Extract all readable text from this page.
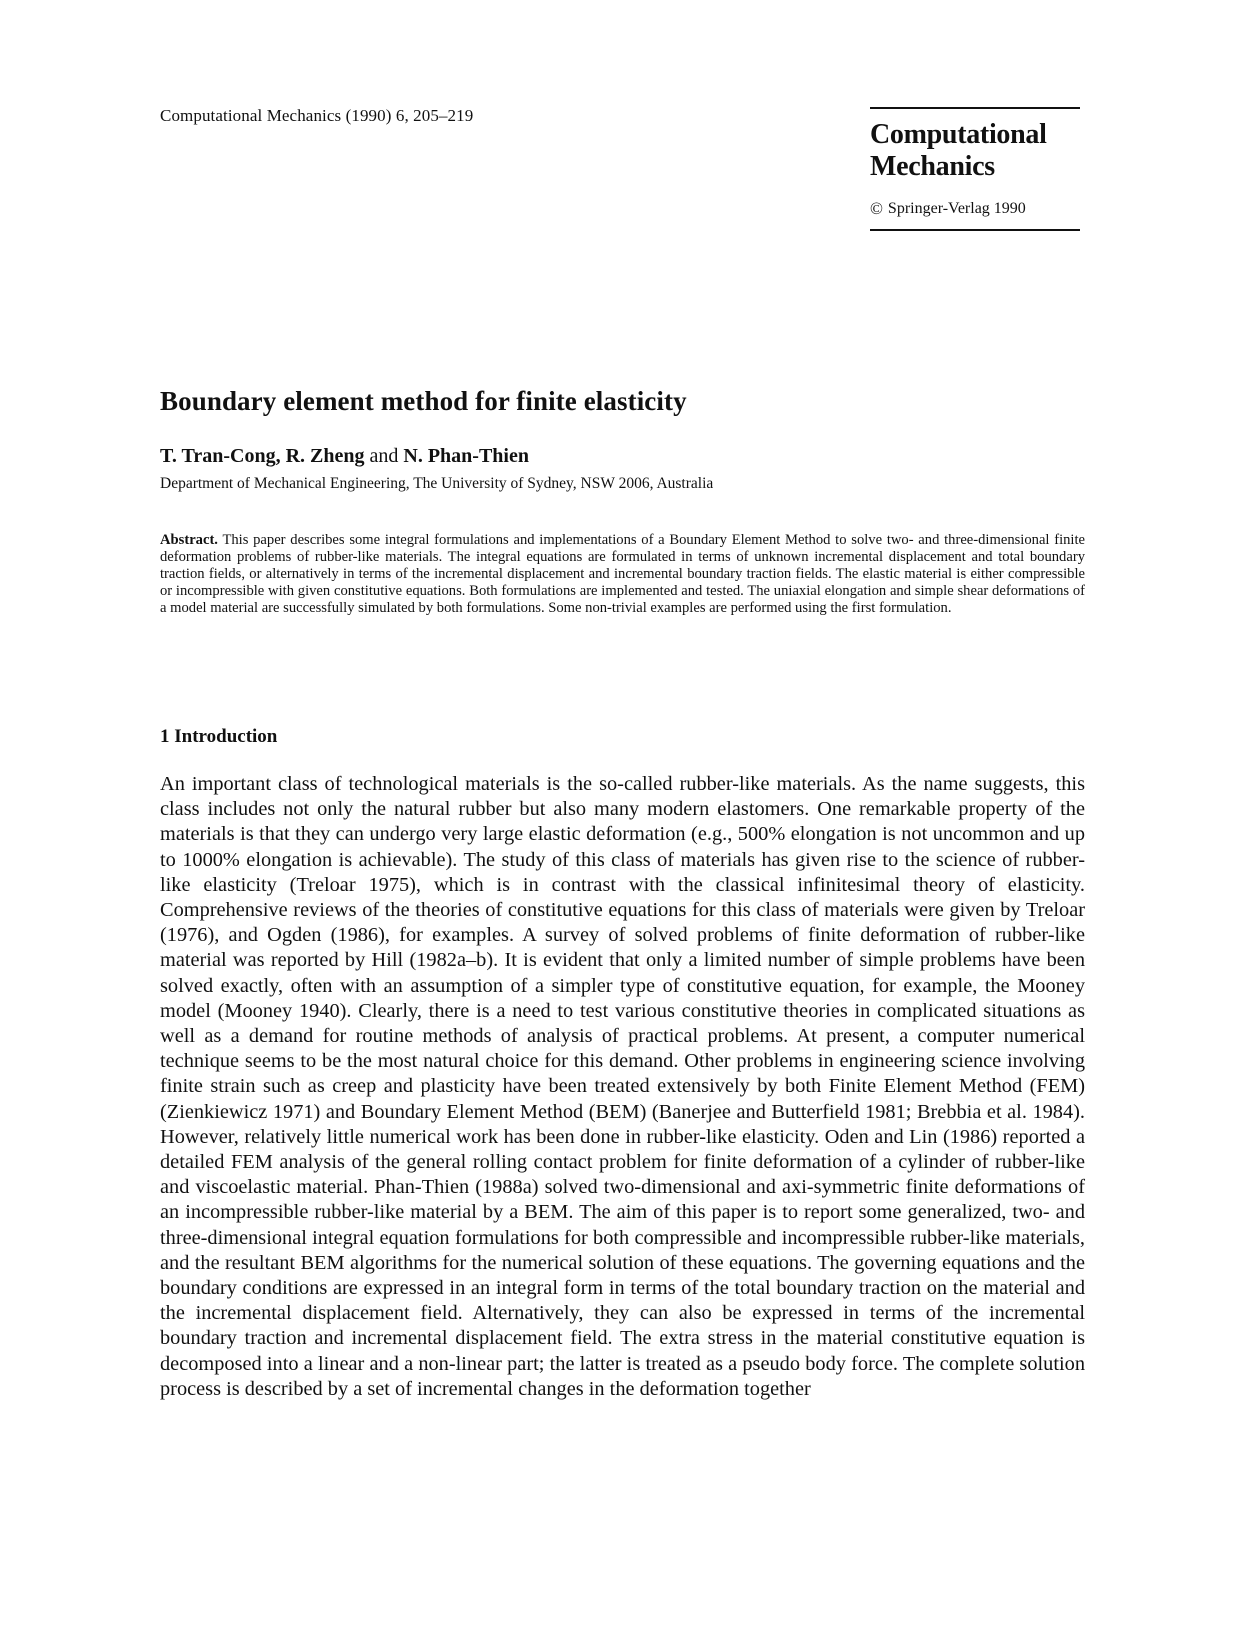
Computational Mechanics (1990) 6, 205–219
Computational
Mechanics
© Springer-Verlag 1990
Boundary element method for finite elasticity

T. Tran-Cong, R. Zheng and N. Phan-Thien

Department of Mechanical Engineering, The University of Sydney, NSW 2006, Australia

Abstract. This paper describes some integral formulations and implementations of a Boundary Element Method to solve two- and three-dimensional finite deformation problems of rubber-like materials. The integral equations are formulated in terms of unknown incremental displacement and total boundary traction fields, or alternatively in terms of the incremental displacement and incremental boundary traction fields. The elastic material is either compressible or incompressible with given constitutive equations. Both formulations are implemented and tested. The uniaxial elongation and simple shear deformations of a model material are successfully simulated by both formulations. Some non-trivial examples are performed using the first formulation.

1 Introduction

An important class of technological materials is the so-called rubber-like materials. As the name suggests, this class includes not only the natural rubber but also many modern elastomers. One remarkable property of the materials is that they can undergo very large elastic deformation (e.g., 500% elongation is not uncommon and up to 1000% elongation is achievable). The study of this class of materials has given rise to the science of rubber-like elasticity (Treloar 1975), which is in contrast with the classical infinitesimal theory of elasticity. Comprehensive reviews of the theories of constitutive equations for this class of materials were given by Treloar (1976), and Ogden (1986), for examples. A survey of solved problems of finite deformation of rubber-like material was reported by Hill (1982a–b). It is evident that only a limited number of simple problems have been solved exactly, often with an assumption of a simpler type of constitutive equation, for example, the Mooney model (Mooney 1940). Clearly, there is a need to test various constitutive theories in complicated situations as well as a demand for routine methods of analysis of practical problems. At present, a computer numerical technique seems to be the most natural choice for this demand. Other problems in engineering science involving finite strain such as creep and plasticity have been treated extensively by both Finite Element Method (FEM) (Zienkiewicz 1971) and Boundary Element Method (BEM) (Banerjee and Butterfield 1981; Brebbia et al. 1984). However, relatively little numerical work has been done in rubber-like elasticity. Oden and Lin (1986) reported a detailed FEM analysis of the general rolling contact problem for finite deformation of a cylinder of rubber-like and viscoelastic material. Phan-Thien (1988a) solved two-dimensional and axi-symmetric finite deformations of an incompressible rubber-like material by a BEM. The aim of this paper is to report some generalized, two- and three-dimensional integral equation formulations for both compressible and incompressible rubber-like materials, and the resultant BEM algorithms for the numerical solution of these equations. The governing equations and the boundary conditions are expressed in an integral form in terms of the total boundary traction on the material and the incremental displacement field. Alternatively, they can also be expressed in terms of the incremental boundary traction and incremental displacement field. The extra stress in the material constitutive equation is decomposed into a linear and a non-linear part; the latter is treated as a pseudo body force. The complete solution process is described by a set of incremental changes in the deformation together
